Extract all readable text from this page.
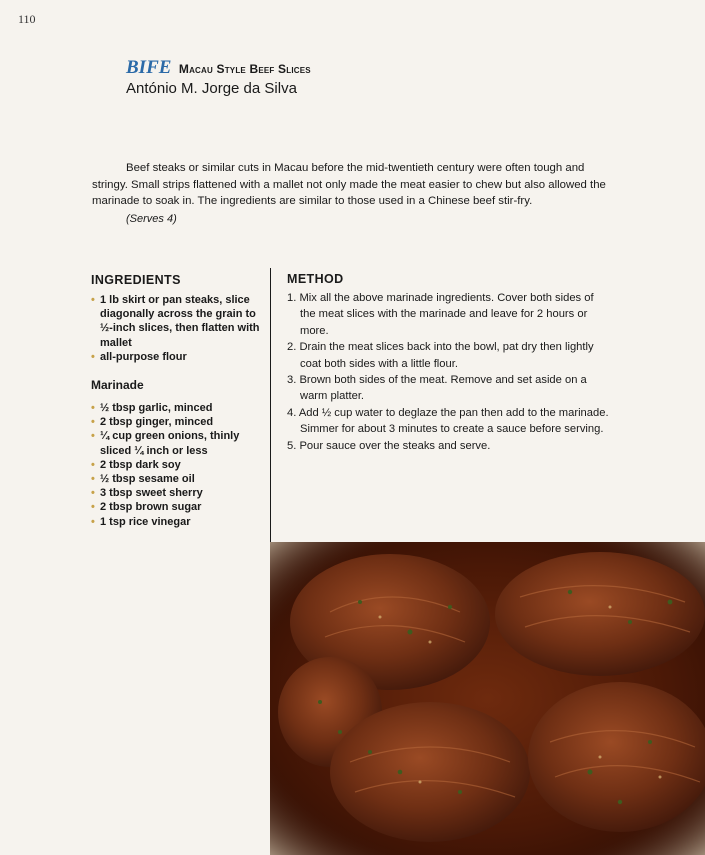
110
BIFE Macau Style Beef Slices
António M. Jorge da Silva

Beef steaks or similar cuts in Macau before the mid-twentieth century were often tough and stringy. Small strips flattened with a mallet not only made the meat easier to chew but also allowed the marinade to soak in. The ingredients are similar to those used in a Chinese beef stir-fry.

(Serves 4)
INGREDIENTS
• 1 lb skirt or pan steaks, slice diagonally across the grain to ½-inch slices, then flatten with mallet
• all-purpose flour
Marinade
• ½ tbsp garlic, minced
• 2 tbsp ginger, minced
• ¼ cup green onions, thinly sliced ¼ inch or less
• 2 tbsp dark soy
• ½ tbsp sesame oil
• 3 tbsp sweet sherry
• 2 tbsp brown sugar
• 1 tsp rice vinegar
METHOD
1. Mix all the above marinade ingredients. Cover both sides of the meat slices with the marinade and leave for 2 hours or more.
2. Drain the meat slices back into the bowl, pat dry then lightly coat both sides with a little flour.
3. Brown both sides of the meat. Remove and set aside on a warm platter.
4. Add ½ cup water to deglaze the pan then add to the marinade. Simmer for about 3 minutes to create a sauce before serving.
5. Pour sauce over the steaks and serve.
